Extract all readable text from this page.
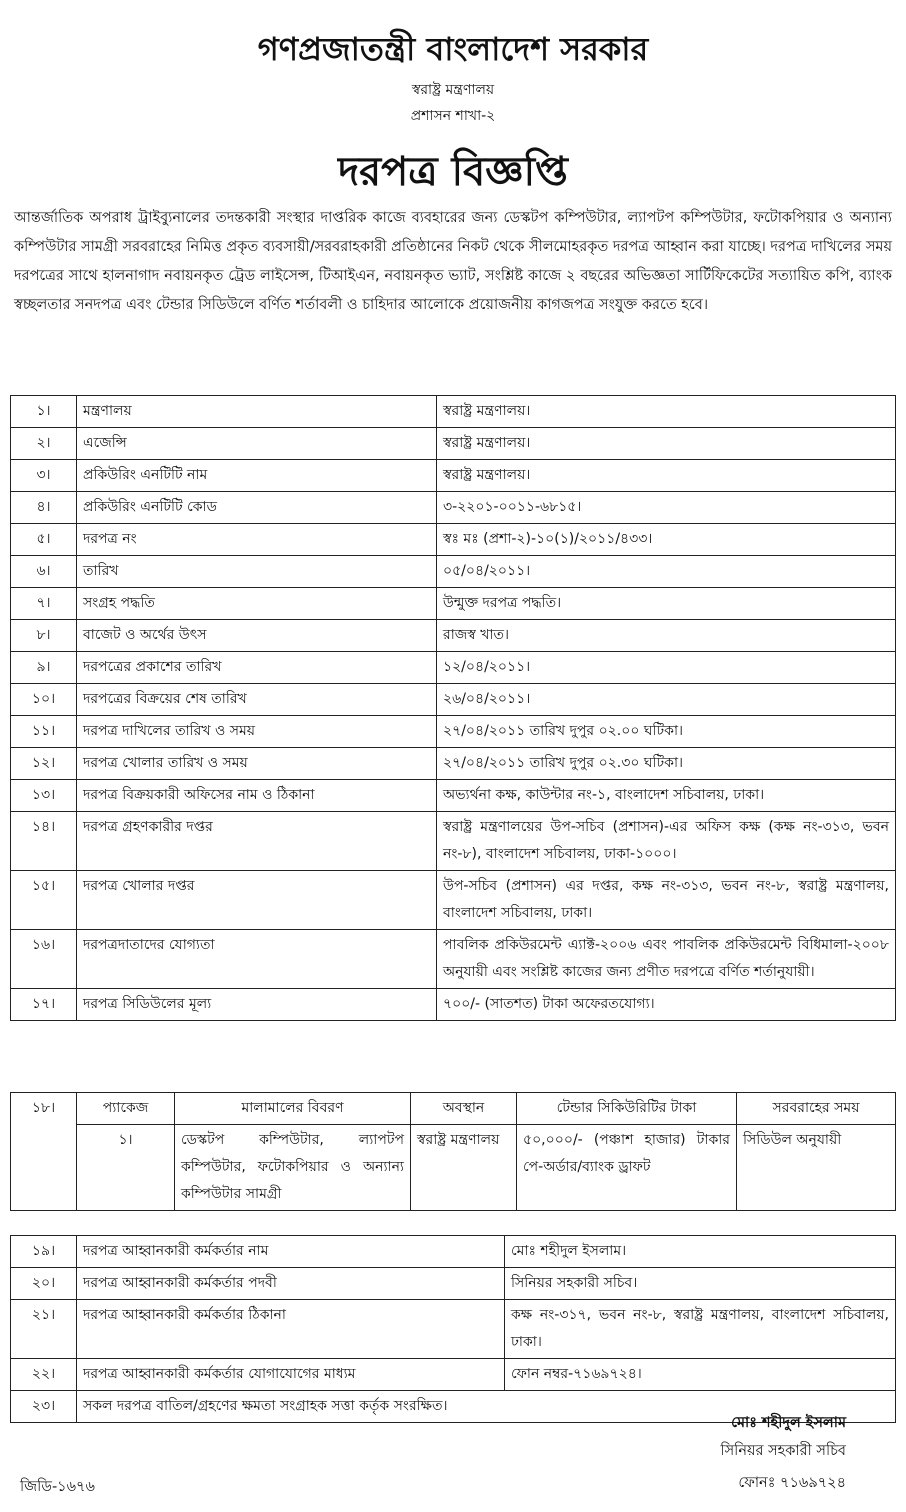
গণপ্রজাতন্ত্রী বাংলাদেশ সরকার
স্বরাষ্ট্র মন্ত্রণালয়
প্রশাসন শাখা-২
দরপত্র বিজ্ঞপ্তি
আন্তর্জাতিক অপরাধ ট্রাইব্যুনালের তদন্তকারী সংস্থার দাপ্তরিক কাজে ব্যবহারের জন্য ডেস্কটপ কম্পিউটার, ল্যাপটপ কম্পিউটার, ফটোকপিয়ার ও অন্যান্য কম্পিউটার সামগ্রী সরবরাহের নিমিত্ত প্রকৃত ব্যবসায়ী/সরবরাহকারী প্রতিষ্ঠানের নিকট থেকে সীলমোহরকৃত দরপত্র আহ্বান করা যাচ্ছে। দরপত্র দাখিলের সময় দরপত্রের সাথে হালনাগাদ নবায়নকৃত ট্রেড লাইসেন্স, টিআইএন, নবায়নকৃত ভ্যাট, সংশ্লিষ্ট কাজে ২ বছরের অভিজ্ঞতা সার্টিফিকেটের সত্যায়িত কপি, ব্যাংক স্বচ্ছলতার সনদপত্র এবং টেন্ডার সিডিউলে বর্ণিত শর্তাবলী ও চাহিদার আলোকে প্রয়োজনীয় কাগজপত্র সংযুক্ত করতে হবে।
১।	মন্ত্রণালয়	স্বরাষ্ট্র মন্ত্রণালয়।
২।	এজেন্সি	স্বরাষ্ট্র মন্ত্রণালয়।
৩।	প্রকিউরিং এনটিটি নাম	স্বরাষ্ট্র মন্ত্রণালয়।
৪।	প্রকিউরিং এনটিটি কোড	৩-২২০১-০০১১-৬৮১৫।
৫।	দরপত্র নং	স্বঃ মঃ (প্রশা-২)-১০(১)/২০১১/৪৩৩।
৬।	তারিখ	০৫/০৪/২০১১।
৭।	সংগ্রহ পদ্ধতি	উন্মুক্ত দরপত্র পদ্ধতি।
৮।	বাজেট ও অর্থের উৎস	রাজস্ব খাত।
৯।	দরপত্রের প্রকাশের তারিখ	১২/০৪/২০১১।
১০।	দরপত্রের বিক্রয়ের শেষ তারিখ	২৬/০৪/২০১১।
১১।	দরপত্র দাখিলের তারিখ ও সময়	২৭/০৪/২০১১ তারিখ দুপুর ০২.০০ ঘটিকা।
১২।	দরপত্র খোলার তারিখ ও সময়	২৭/০৪/২০১১ তারিখ দুপুর ০২.৩০ ঘটিকা।
১৩।	দরপত্র বিক্রয়কারী অফিসের নাম ও ঠিকানা	অভ্যর্থনা কক্ষ, কাউন্টার নং-১, বাংলাদেশ সচিবালয়, ঢাকা।
১৪।	দরপত্র গ্রহণকারীর দপ্তর	স্বরাষ্ট্র মন্ত্রণালয়ের উপ-সচিব (প্রশাসন)-এর অফিস কক্ষ (কক্ষ নং-৩১৩, ভবন নং-৮), বাংলাদেশ সচিবালয়, ঢাকা-১০০০।
১৫।	দরপত্র খোলার দপ্তর	উপ-সচিব (প্রশাসন) এর দপ্তর, কক্ষ নং-৩১৩, ভবন নং-৮, স্বরাষ্ট্র মন্ত্রণালয়, বাংলাদেশ সচিবালয়, ঢাকা।
১৬।	দরপত্রদাতাদের যোগ্যতা	পাবলিক প্রকিউরমেন্ট এ্যাক্ট-২০০৬ এবং পাবলিক প্রকিউরমেন্ট বিধিমালা-২০০৮ অনুযায়ী এবং সংশ্লিষ্ট কাজের জন্য প্রণীত দরপত্রে বর্ণিত শর্তানুযায়ী।
১৭।	দরপত্র সিডিউলের মূল্য	৭০০/- (সাতশত) টাকা অফেরতযোগ্য।
১৮।	প্যাকেজ	মালামালের বিবরণ	অবস্থান	টেন্ডার সিকিউরিটির টাকা	সরবরাহের সময়
	১।	ডেস্কটপ কম্পিউটার, ল্যাপটপ কম্পিউটার, ফটোকপিয়ার ও অন্যান্য কম্পিউটার সামগ্রী	স্বরাষ্ট্র মন্ত্রণালয়	৫০,০০০/- (পঞ্চাশ হাজার) টাকার পে-অর্ডার/ব্যাংক ড্রাফট	সিডিউল অনুযায়ী
১৯।	দরপত্র আহ্বানকারী কর্মকর্তার নাম	মোঃ শহীদুল ইসলাম।
২০।	দরপত্র আহ্বানকারী কর্মকর্তার পদবী	সিনিয়র সহকারী সচিব।
২১।	দরপত্র আহ্বানকারী কর্মকর্তার ঠিকানা	কক্ষ নং-৩১৭, ভবন নং-৮, স্বরাষ্ট্র মন্ত্রণালয়, বাংলাদেশ সচিবালয়, ঢাকা।
২২।	দরপত্র আহ্বানকারী কর্মকর্তার যোগাযোগের মাধ্যম	ফোন নম্বর-৭১৬৯৭২৪।
২৩।	সকল দরপত্র বাতিল/গ্রহণের ক্ষমতা সংগ্রাহক সত্তা কর্তৃক সংরক্ষিত।	
মোঃ শহীদুল ইসলাম
সিনিয়র সহকারী সচিব
ফোনঃ ৭১৬৯৭২৪
জিডি-১৬৭৬
